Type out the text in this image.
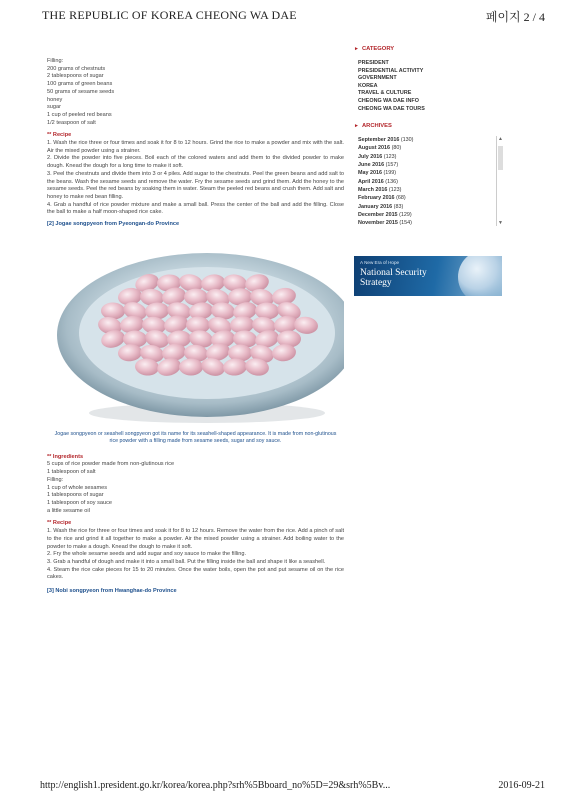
THE REPUBLIC OF KOREA CHEONG WA DAE	페이지 2 / 4
Filling:
200 grams of chestnuts
2 tablespoons of sugar
100 grams of green beans
50 grams of sesame seeds
honey
sugar
1 cup of peeled red beans
1/2 teaspoon of salt
** Recipe
1. Wash the rice three or four times and soak it for 8 to 12 hours. Grind the rice to make a powder and mix with the salt. Air the mixed powder using a strainer.
2. Divide the powder into five pieces. Boil each of the colored waters and add them to the divided powder to make dough. Knead the dough for a long time to make it soft.
3. Peel the chestnuts and divide them into 3 or 4 piles. Add sugar to the chestnuts. Peel the green beans and add salt to the beans. Wash the sesame seeds and remove the water. Fry the sesame seeds and grind them. Add the honey to the sesame seeds. Peel the red beans by soaking them in water. Steam the peeled red beans and crush them. Add salt and honey to make red bean filling.
4. Grab a handful of rice powder mixture and make a small ball. Press the center of the ball and add the filling. Close the ball to make a half moon-shaped rice cake.
[2] Jogae songpyeon from Pyeongan-do Province
Jogae songpyeon or seashell songpyeon got its name for its seashell-shaped appearance. It is made from non-glutinous rice powder with a filling made from sesame seeds, sugar and soy sauce.
** Ingredients
5 cups of rice powder made from non-glutinous rice
1 tablespoon of salt
Filling:
1 cup of whole sesames
1 tablespoons of sugar
1 tablespoon of soy sauce
a little sesame oil
** Recipe
1. Wash the rice for three or four times and soak it for 8 to 12 hours. Remove the water from the rice. Add a pinch of salt to the rice and grind it all together to make a powder. Air the mixed powder using a strainer. Add boiling water to the powder to make a dough. Knead the dough to make it soft.
2. Fry the whole sesame seeds and add sugar and soy sauce to make the filling.
3. Grab a handful of dough and make it into a small ball. Put the filling inside the ball and shape it like a seashell.
4. Steam the rice cake pieces for 15 to 20 minutes. Once the water boils, open the pot and put sesame oil on the rice cakes.
[3] Nobi songpyeon from Hwanghae-do Province
► CATEGORY
PRESIDENT
PRESIDENTIAL ACTIVITY
GOVERNMENT
KOREA
TRAVEL & CULTURE
CHEONG WA DAE INFO
CHEONG WA DAE TOURS
► ARCHIVES
September 2016 (130)
August 2016 (80)
July 2016 (123)
June 2016 (157)
May 2016 (199)
April 2016 (136)
March 2016 (123)
February 2016 (68)
January 2016 (83)
December 2015 (129)
November 2015 (154)
▲
▼
A New Era of Hope
National Security
Strategy
http://english1.president.go.kr/korea/korea.php?srh%5Bboard_no%5D=29&srh%5Bv...	2016-09-21
